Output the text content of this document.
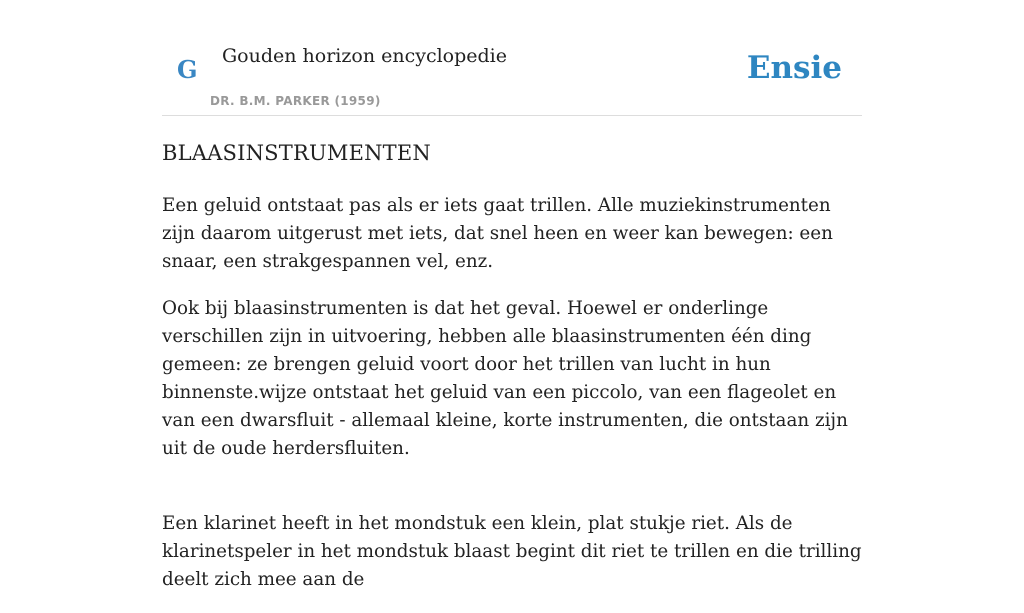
G Gouden horizon encyclopedie
DR. B.M. PARKER (1959)
Ensie
BLAASINSTRUMENTEN

Een geluid ontstaat pas als er iets gaat trillen. Alle muziekinstrumenten zijn daarom uitgerust met iets, dat snel heen en weer kan bewegen: een snaar, een strakgespannen vel, enz.

Ook bij blaasinstrumenten is dat het geval. Hoewel er onderlinge verschillen zijn in uitvoering, hebben alle blaasinstrumenten één ding gemeen: ze brengen geluid voort door het trillen van lucht in hun binnenste.wijze ontstaat het geluid van een piccolo, van een flageolet en van een dwarsfluit - allemaal kleine, korte instrumenten, die ontstaan zijn uit de oude herdersfluiten.

Een klarinet heeft in het mondstuk een klein, plat stukje riet. Als de klarinetspeler in het mondstuk blaast begint dit riet te trillen en die trilling deelt zich mee aan de
